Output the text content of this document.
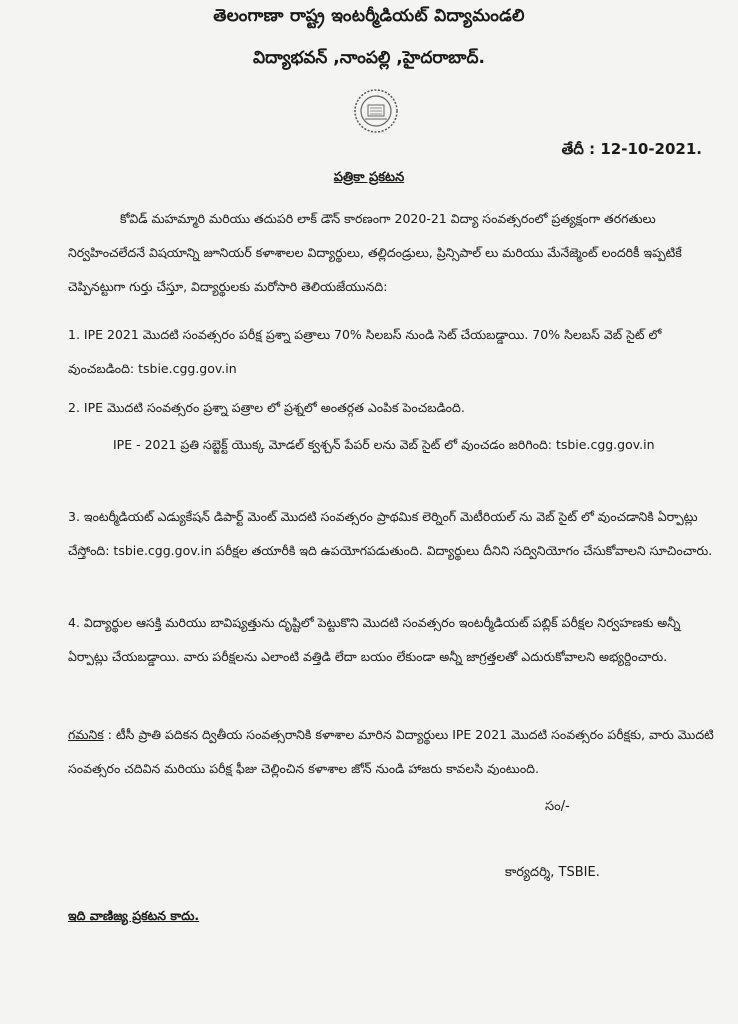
తెలంగాణా రాష్ట్ర ఇంటర్మీడియట్ విద్యామండలి
విద్యాభవన్ ,నాంపల్లి ,హైదరాబాద్.
తేదీ : 12-10-2021.
పత్రికా ప్రకటన
కోవిడ్ మహమ్మారి మరియు తదుపరి లాక్ డౌన్ కారణంగా 2020-21 విద్యా సంవత్సరంలో ప్రత్యక్షంగా తరగతులు నిర్వహించలేదనే విషయాన్ని జూనియర్ కళాశాలల విద్యార్థులు, తల్లిదండ్రులు, ప్రిన్సిపాల్ లు మరియు మేనేజ్మెంట్ లందరికీ ఇప్పటికే చెప్పినట్టుగా గుర్తు చేస్తూ, విద్యార్థులకు మరోసారి తెలియజేయునది:
1. IPE 2021 మొదటి సంవత్సరం పరీక్ష ప్రశ్నా పత్రాలు 70% సిలబస్ నుండి సెట్ చేయబడ్డాయి. 70% సిలబస్ వెబ్ సైట్ లో వుంచబడింది: tsbie.cgg.gov.in
2. IPE మొదటి సంవత్సరం ప్రశ్నా పత్రాల లో ప్రశ్నలో అంతర్గత ఎంపిక పెంచబడింది.
IPE - 2021 ప్రతి సబ్జెక్ట్ యొక్క మోడల్ క్వశ్చన్ పేపర్ లను వెబ్ సైట్ లో వుంచడం జరిగింది: tsbie.cgg.gov.in
3. ఇంటర్మీడియట్ ఎడ్యుకేషన్ డిపార్ట్ మెంట్ మొదటి సంవత్సరం ప్రాథమిక లెర్నింగ్ మెటీరియల్ ను వెబ్ సైట్ లో వుంచడానికి ఏర్పాట్లు చేస్తోంది: tsbie.cgg.gov.in పరీక్షల తయారీకి ఇది ఉపయోగపడుతుంది. విద్యార్థులు దీనిని సద్వినియోగం చేసుకోవాలని సూచించారు.
4. విద్యార్థుల ఆసక్తి మరియు బావిష్యత్తును దృష్టిలో పెట్టుకొని మొదటి సంవత్సరం ఇంటర్మీడియట్ పబ్లిక్ పరీక్షల నిర్వహణకు అన్నీ ఏర్పాట్లు చేయబడ్డాయి. వారు పరీక్షలను ఎలాంటి వత్తిడి లేదా బయం లేకుండా అన్నీ జాగ్రత్తలతో ఎదురుకోవాలని అభ్యర్దించారు.
గమనిక : టీసీ ప్రాతి పదికన ద్వితీయ సంవత్సరానికి కళాశాల మారిన విద్యార్థులు IPE 2021 మొదటి సంవత్సరం పరీక్షకు, వారు మొదటి సంవత్సరం చదివిన మరియు పరీక్ష ఫీజు చెల్లించిన కళాశాల జోన్ నుండి హాజరు కావలసి వుంటుంది.
సం/-
కార్యదర్శి, TSBIE.
ఇది వాణిజ్య ప్రకటన కాదు.
